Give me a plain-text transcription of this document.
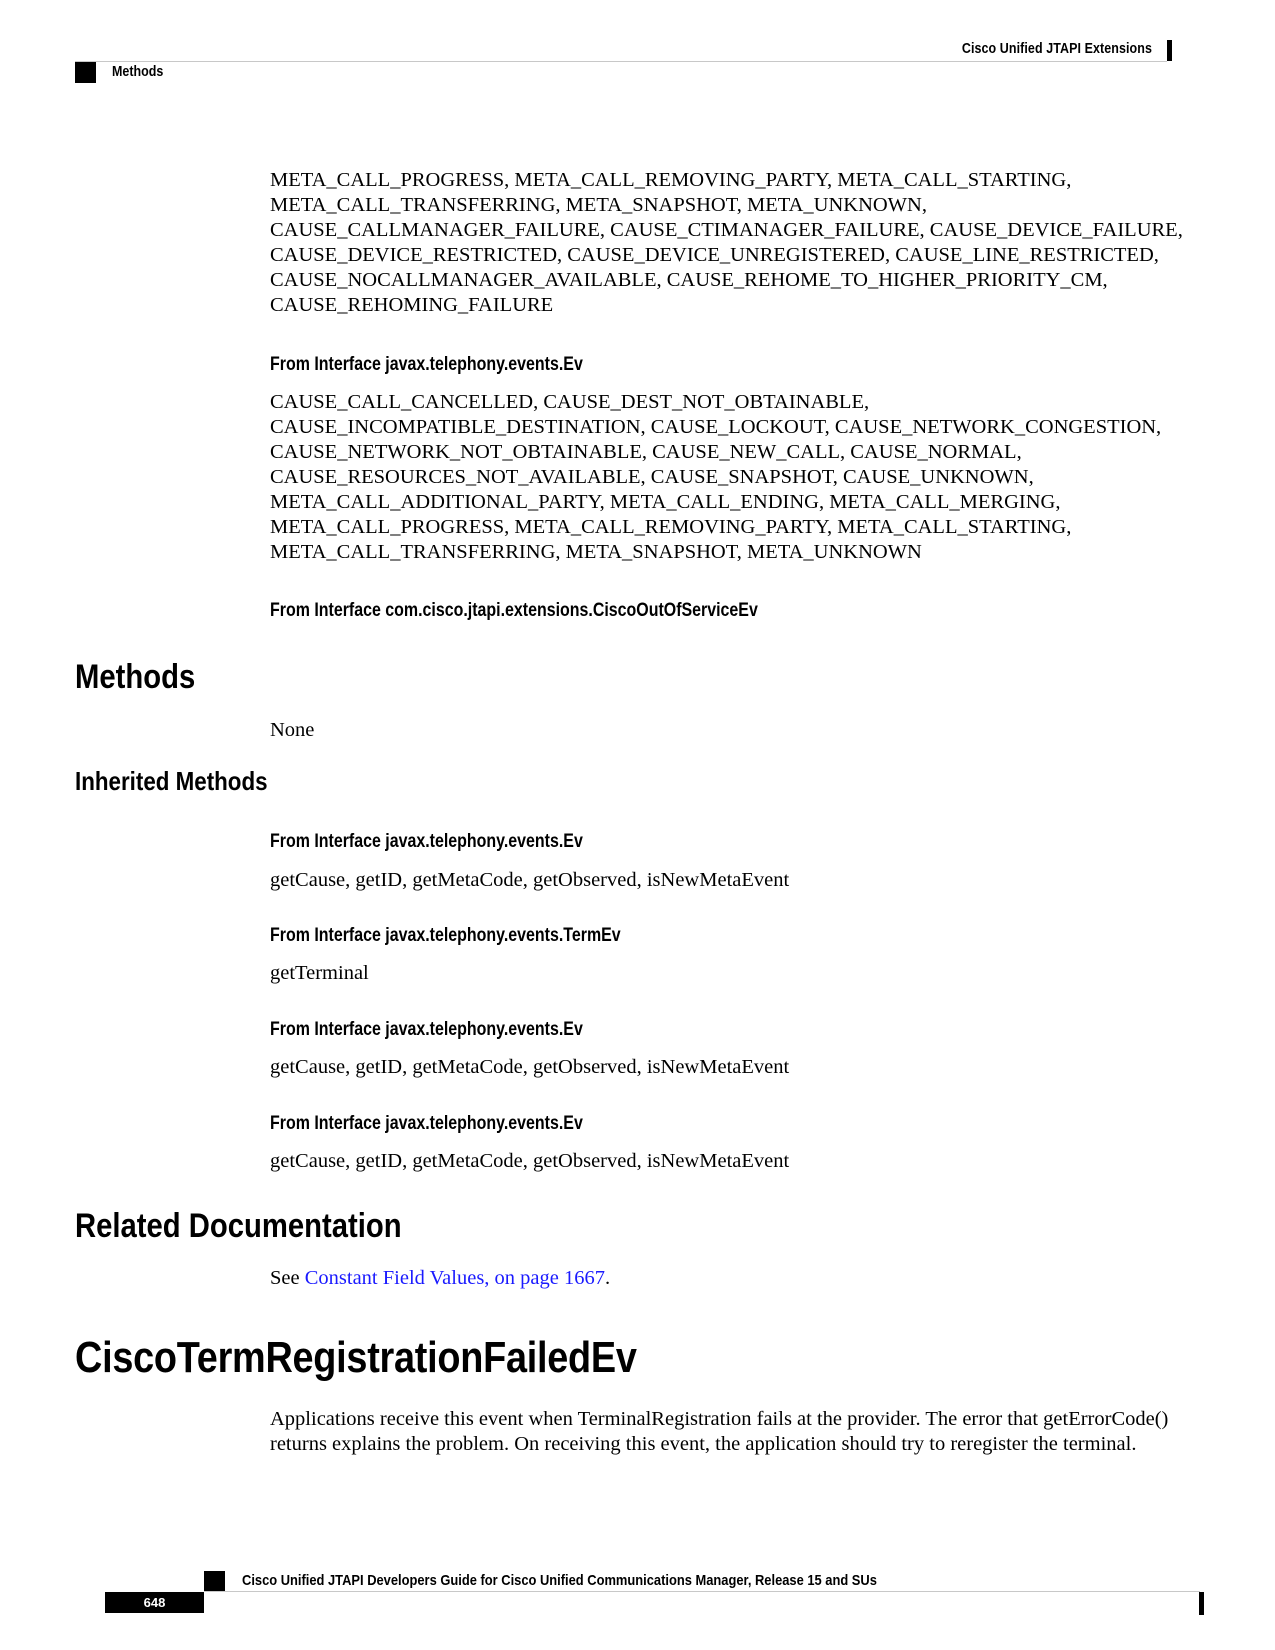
Cisco Unified JTAPI Extensions
Methods
META_CALL_PROGRESS, META_CALL_REMOVING_PARTY, META_CALL_STARTING,
META_CALL_TRANSFERRING, META_SNAPSHOT, META_UNKNOWN,
CAUSE_CALLMANAGER_FAILURE, CAUSE_CTIMANAGER_FAILURE, CAUSE_DEVICE_FAILURE,
CAUSE_DEVICE_RESTRICTED, CAUSE_DEVICE_UNREGISTERED, CAUSE_LINE_RESTRICTED,
CAUSE_NOCALLMANAGER_AVAILABLE, CAUSE_REHOME_TO_HIGHER_PRIORITY_CM,
CAUSE_REHOMING_FAILURE
From Interface javax.telephony.events.Ev
CAUSE_CALL_CANCELLED, CAUSE_DEST_NOT_OBTAINABLE,
CAUSE_INCOMPATIBLE_DESTINATION, CAUSE_LOCKOUT, CAUSE_NETWORK_CONGESTION,
CAUSE_NETWORK_NOT_OBTAINABLE, CAUSE_NEW_CALL, CAUSE_NORMAL,
CAUSE_RESOURCES_NOT_AVAILABLE, CAUSE_SNAPSHOT, CAUSE_UNKNOWN,
META_CALL_ADDITIONAL_PARTY, META_CALL_ENDING, META_CALL_MERGING,
META_CALL_PROGRESS, META_CALL_REMOVING_PARTY, META_CALL_STARTING,
META_CALL_TRANSFERRING, META_SNAPSHOT, META_UNKNOWN
From Interface com.cisco.jtapi.extensions.CiscoOutOfServiceEv
Methods
None
Inherited Methods
From Interface javax.telephony.events.Ev
getCause, getID, getMetaCode, getObserved, isNewMetaEvent
From Interface javax.telephony.events.TermEv
getTerminal
From Interface javax.telephony.events.Ev
getCause, getID, getMetaCode, getObserved, isNewMetaEvent
From Interface javax.telephony.events.Ev
getCause, getID, getMetaCode, getObserved, isNewMetaEvent
Related Documentation
See Constant Field Values, on page 1667.
CiscoTermRegistrationFailedEv
Applications receive this event when TerminalRegistration fails at the provider. The error that getErrorCode()
returns explains the problem. On receiving this event, the application should try to reregister the terminal.
Cisco Unified JTAPI Developers Guide for Cisco Unified Communications Manager, Release 15 and SUs
648
